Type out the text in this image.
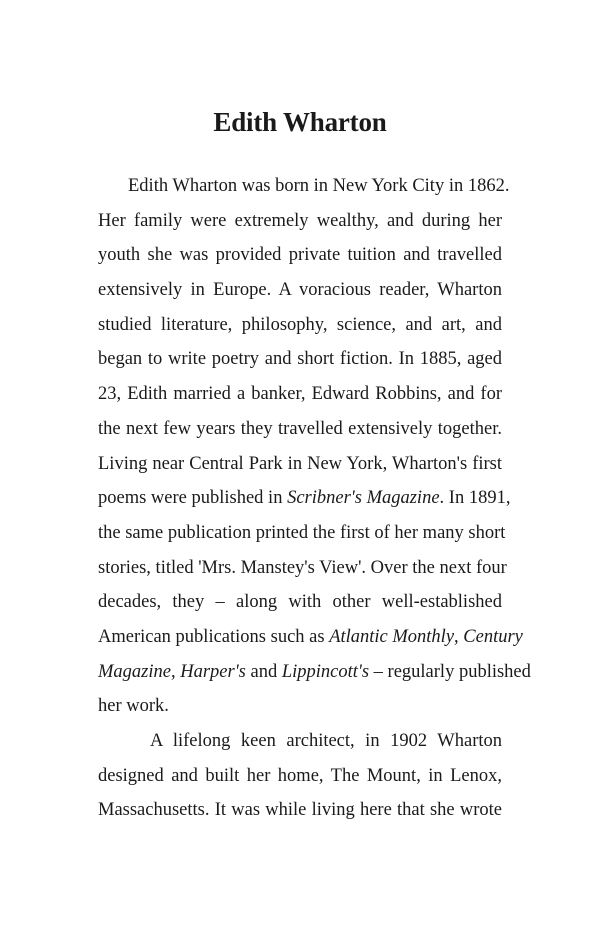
Edith Wharton
Edith Wharton was born in New York City in 1862.
Her family were extremely wealthy, and during her
youth she was provided private tuition and travelled
extensively in Europe. A voracious reader, Wharton
studied literature, philosophy, science, and art, and
began to write poetry and short fiction. In 1885, aged
23, Edith married a banker, Edward Robbins, and for
the next few years they travelled extensively together.
Living near Central Park in New York, Wharton's first
poems were published in Scribner's Magazine. In 1891,
the same publication printed the first of her many short
stories, titled 'Mrs. Manstey's View'. Over the next four
decades, they – along with other well-established
American publications such as Atlantic Monthly, Century
Magazine, Harper's and Lippincott's – regularly published
her work.
A lifelong keen architect, in 1902 Wharton
designed and built her home, The Mount, in Lenox,
Massachusetts. It was while living here that she wrote
